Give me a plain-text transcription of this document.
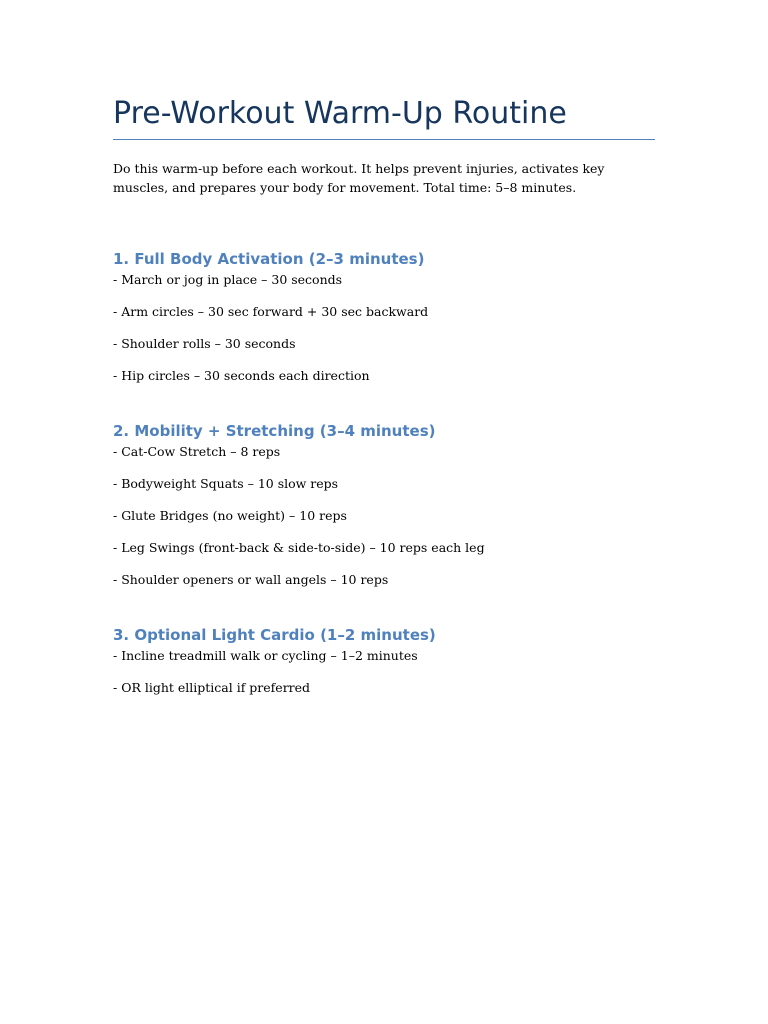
Pre-Workout Warm-Up Routine

Do this warm-up before each workout. It helps prevent injuries, activates key muscles, and prepares your body for movement. Total time: 5–8 minutes.

1. Full Body Activation (2–3 minutes)
- March or jog in place – 30 seconds
- Arm circles – 30 sec forward + 30 sec backward
- Shoulder rolls – 30 seconds
- Hip circles – 30 seconds each direction
2. Mobility + Stretching (3–4 minutes)
- Cat-Cow Stretch – 8 reps
- Bodyweight Squats – 10 slow reps
- Glute Bridges (no weight) – 10 reps
- Leg Swings (front-back & side-to-side) – 10 reps each leg
- Shoulder openers or wall angels – 10 reps
3. Optional Light Cardio (1–2 minutes)
- Incline treadmill walk or cycling – 1–2 minutes
- OR light elliptical if preferred
